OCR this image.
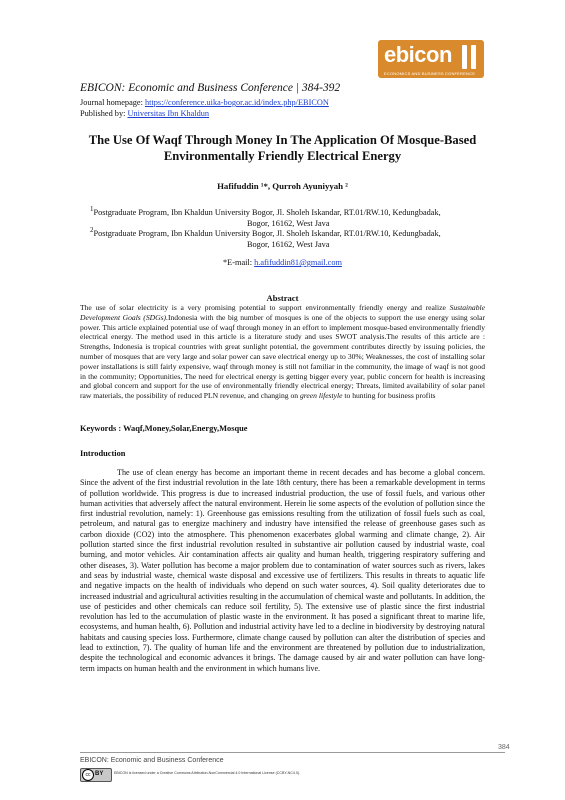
ebicon
ECONOMICS AND BUSINESS CONFERENCE
EBICON: Economic and Business Conference | 384-392
Journal homepage: https://conference.uika-bogor.ac.id/index.php/EBICON
Published by: Universitas Ibn Khaldun
The Use Of Waqf Through Money In The Application Of Mosque-Based Environmentally Friendly Electrical Energy
Hafifuddin ¹*, Qurroh Ayuniyyah ²
$^1$Postgraduate Program, Ibn Khaldun University Bogor, Jl. Sholeh Iskandar, RT.01/RW.10, Kedungbadak,
Bogor, 16162, West Java
$^2$Postgraduate Program, Ibn Khaldun University Bogor, Jl. Sholeh Iskandar, RT.01/RW.10, Kedungbadak,
Bogor, 16162, West Java
*E-mail: h.afifuddin81@gmail.com
Abstract
The use of solar electricity is a very promising potential to support environmentally friendly energy and realize Sustainable Development Goals (SDGs).Indonesia with the big number of mosques is one of the objects to support the use energy using solar power. This article explained potential use of waqf through money in an effort to implement mosque-based environmentally friendly electrical energy. The method used in this article is a literature study and uses SWOT analysis.The results of this article are : Strengths, Indonesia is tropical countries with great sunlight potential, the government contributes directly by issuing policies, the number of mosques that are very large and solar power can save electrical energy up to 30%; Weaknesses, the cost of installing solar power installations is still fairly expensive, waqf through money is still not familiar in the community, the image of waqf is not good in the community; Opportunities, The need for electrical energy is getting bigger every year, public concern for health is increasing and global concern and support for the use of environmentally friendly electrical energy; Threats, limited availability of solar panel raw materials, the possibility of reduced PLN revenue, and changing on green lifestyle to hunting for business profits
Keywords : Waqf,Money,Solar,Energy,Mosque
Introduction
The use of clean energy has become an important theme in recent decades and has become a global concern. Since the advent of the first industrial revolution in the late 18th century, there has been a remarkable development in terms of pollution worldwide. This progress is due to increased industrial production, the use of fossil fuels, and various other human activities that adversely affect the natural environment. Herein lie some aspects of the evolution of pollution since the first industrial revolution, namely: 1). Greenhouse gas emissions resulting from the utilization of fossil fuels such as coal, petroleum, and natural gas to energize machinery and industry have intensified the release of greenhouse gases such as carbon dioxide (CO2) into the atmosphere. This phenomenon exacerbates global warming and climate change, 2). Air pollution started since the first industrial revolution resulted in substantive air pollution caused by industrial waste, coal burning, and motor vehicles. Air contamination affects air quality and human health, triggering respiratory suffering and other diseases, 3). Water pollution has become a major problem due to contamination of water sources such as rivers, lakes and seas by industrial waste, chemical waste disposal and excessive use of fertilizers. This results in threats to aquatic life and negative impacts on the health of individuals who depend on such water sources, 4). Soil quality deteriorates due to increased industrial and agricultural activities resulting in the accumulation of chemical waste and pollutants. In addition, the use of pesticides and other chemicals can reduce soil fertility, 5). The extensive use of plastic since the first industrial revolution has led to the accumulation of plastic waste in the environment. It has posed a significant threat to marine life, ecosystems, and human health, 6). Pollution and industrial activity have led to a decline in biodiversity by destroying natural habitats and causing species loss. Furthermore, climate change caused by pollution can alter the distribution of species and lead to extinction, 7). The quality of human life and the environment are threatened by pollution due to industrialization, despite the technological and economic advances it brings. The damage caused by air and water pollution can have long-term impacts on human health and the environment in which humans live.
384
EBICON: Economic and Business Conference
cc BY	EBICON is licensed under a Creative Commons Attribution-NonCommercial 4.0 International License (CCBY-NC4.0).
